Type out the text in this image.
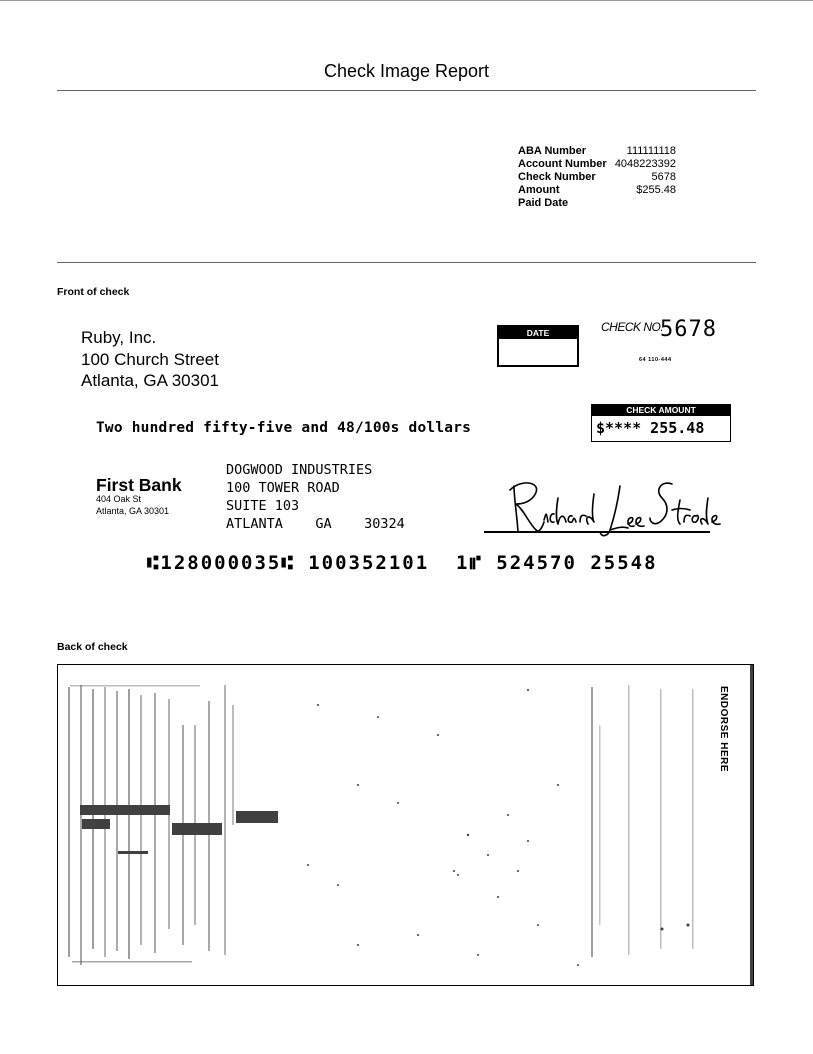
Check Image Report
ABA Number	111111118
Account Number 4048223392
Check Number	5678
Amount	$255.48
Paid Date
Front of check
Ruby, Inc.
100 Church Street
Atlanta, GA 30301
DATE	CHECK NO.
5678
64 110-444
CHECK AMOUNT
$**** 255.48
Two hundred fifty-five and 48/100s dollars
First Bank
404 Oak St
Atlanta, GA 30301
DOGWOOD INDUSTRIES
100 TOWER ROAD
SUITE 103
ATLANTA    GA    30324
⑆128000035⑆ 100352101  1⑈ 524570 25548
Back of check
ENDORSE HERE
